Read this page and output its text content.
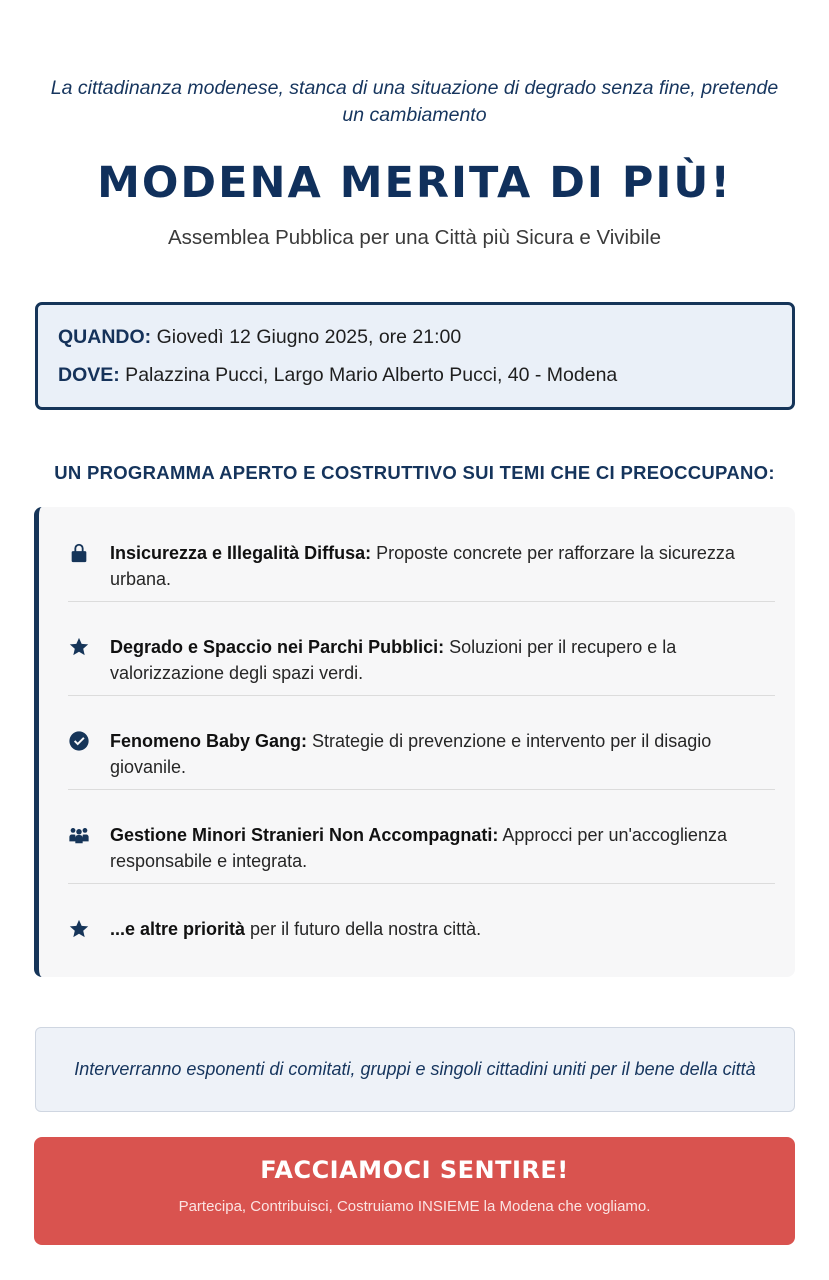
La cittadinanza modenese, stanca di una situazione di degrado senza fine, pretende un cambiamento
MODENA MERITA DI PIÙ!
Assemblea Pubblica per una Città più Sicura e Vivibile
QUANDO: Giovedì 12 Giugno 2025, ore 21:00
DOVE: Palazzina Pucci, Largo Mario Alberto Pucci, 40 - Modena
UN PROGRAMMA APERTO E COSTRUTTIVO SUI TEMI CHE CI PREOCCUPANO:
Insicurezza e Illegalità Diffusa: Proposte concrete per rafforzare la sicurezza urbana.
Degrado e Spaccio nei Parchi Pubblici: Soluzioni per il recupero e la valorizzazione degli spazi verdi.
Fenomeno Baby Gang: Strategie di prevenzione e intervento per il disagio giovanile.
Gestione Minori Stranieri Non Accompagnati: Approcci per un'accoglienza responsabile e integrata.
...e altre priorità per il futuro della nostra città.
Interverranno esponenti di comitati, gruppi e singoli cittadini uniti per il bene della città
FACCIAMOCI SENTIRE!
Partecipa, Contribuisci, Costruiamo INSIEME la Modena che vogliamo.
